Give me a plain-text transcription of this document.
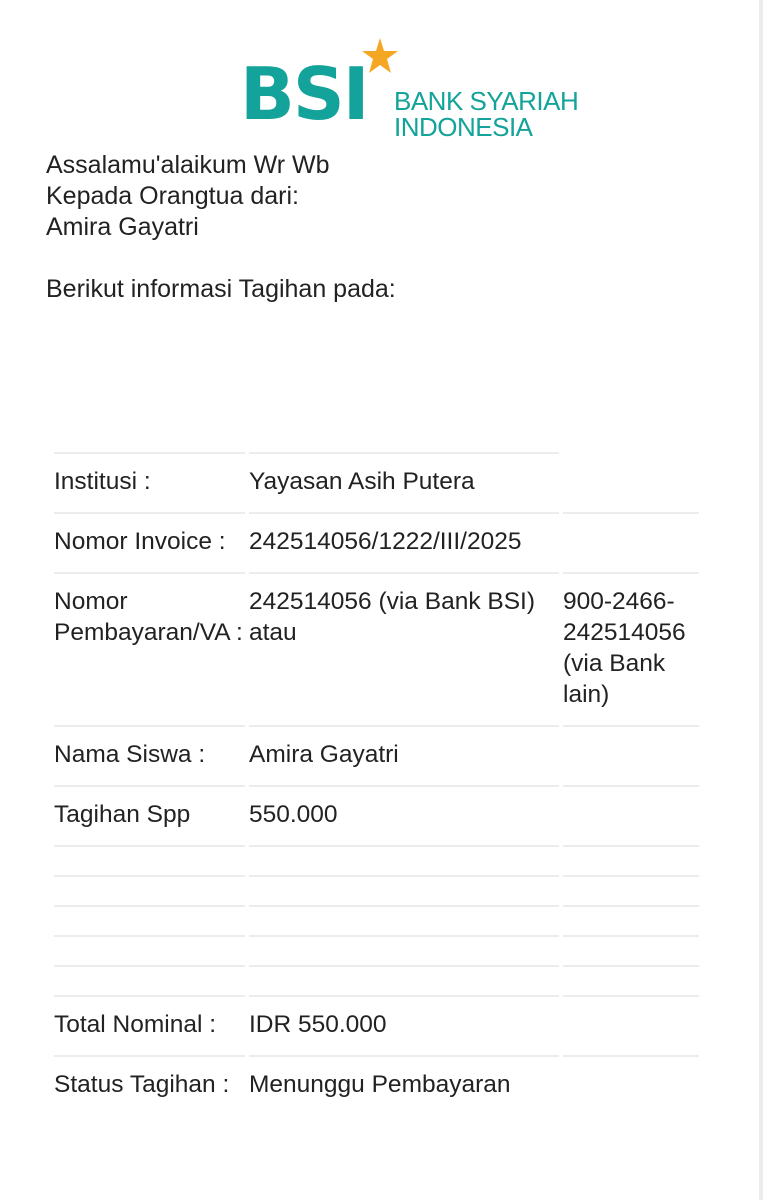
BSI BANK SYARIAH
INDONESIA
Assalamu'alaikum Wr Wb
Kepada Orangtua dari:
Amira Gayatri
Berikut informasi Tagihan pada:
Institusi :	Yayasan Asih Putera	
Nomor Invoice :	242514056/1222/III/2025	
Nomor Pembayaran/VA :	242514056 (via Bank BSI) atau	900-2466-242514056 (via Bank lain)
Nama Siswa :	Amira Gayatri	
Tagihan Spp	550.000	

Total Nominal :	IDR 550.000	
Status Tagihan :	Menunggu Pembayaran	
